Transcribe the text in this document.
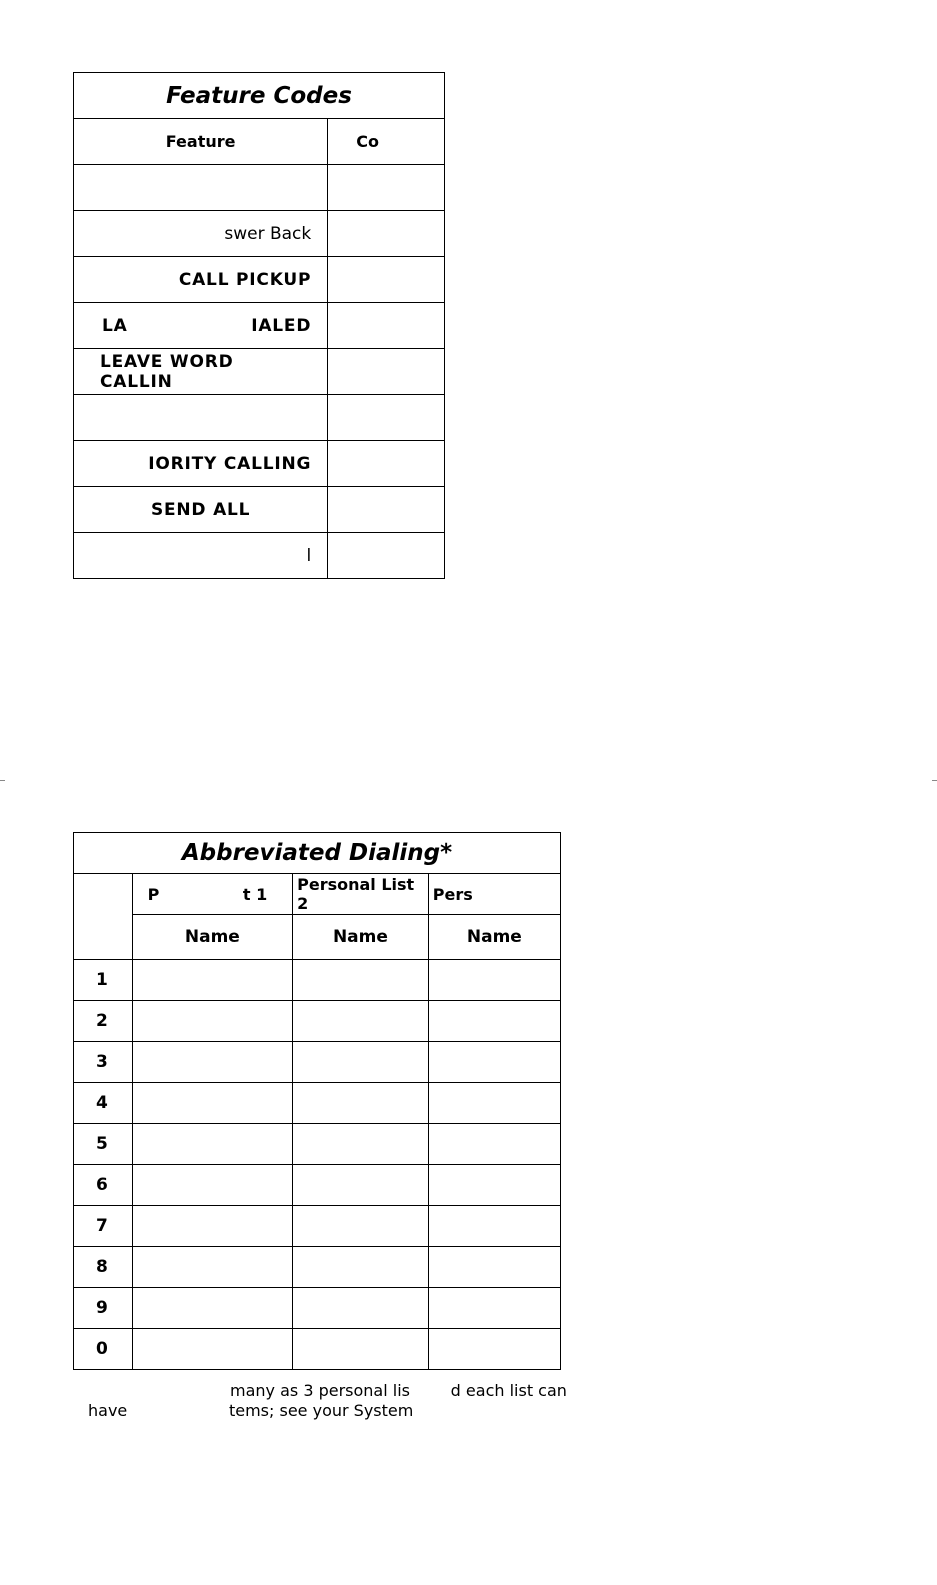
Feature Codes	
Feature	Co

swer Back	
CALL PICKUP	
LA IALED	

LEAVE WORD CALLIN	

IORITY CALLING	
SEND ALL	
l	
Abbreviated Dialing*			
	P               t 1	Personal List 2	Pers
	Name	Name	Name
1			
2			
3			
4			
5			
6			
7			
8			
9			
0			
many as 3 personal lis        d each list can
have                    tems; see your System
